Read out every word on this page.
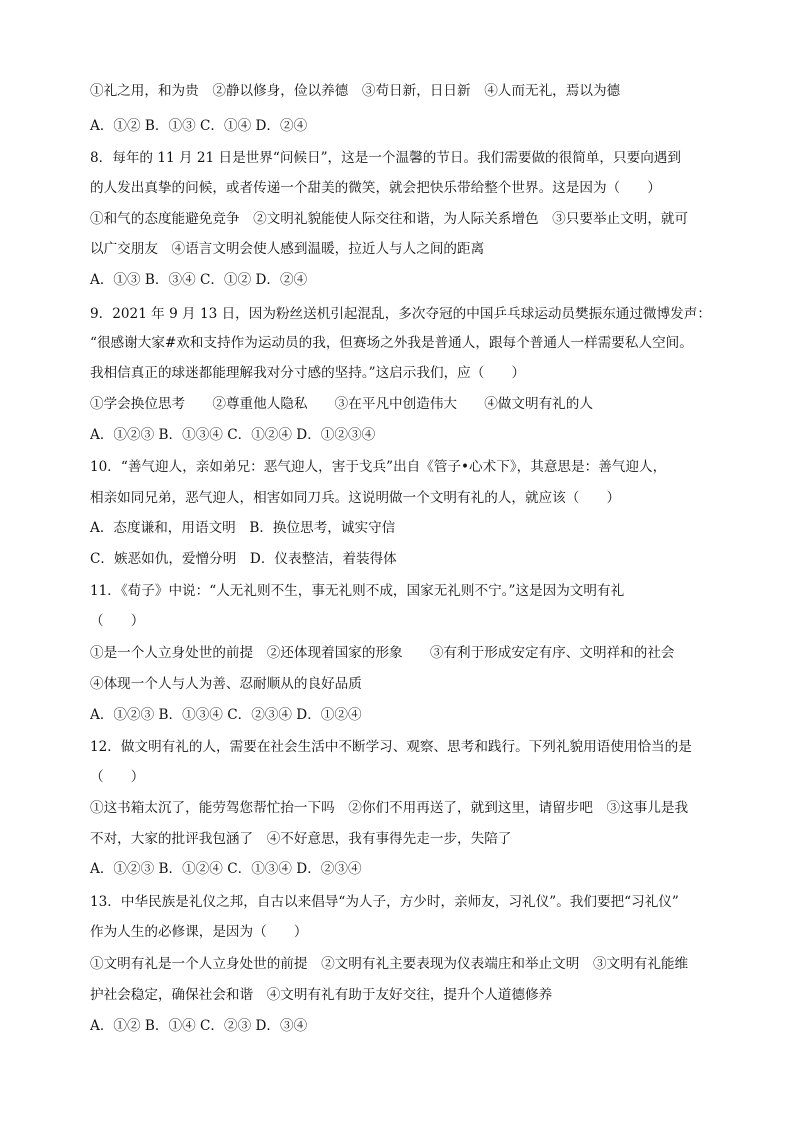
①礼之用，和为贵　②静以修身，俭以养德　③苟日新，日日新　④人而无礼，焉以为德
A．①② B．①③ C．①④ D．②④
8．每年的 11 月 21 日是世界“问候日”，这是一个温馨的节日。我们需要做的很简单，只要向遇到
的人发出真挚的问候，或者传递一个甜美的微笑，就会把快乐带给整个世界。这是因为（　　）
①和气的态度能避免竞争　②文明礼貌能使人际交往和谐，为人际关系增色　③只要举止文明，就可
以广交朋友　④语言文明会使人感到温暖，拉近人与人之间的距离
A．①③ B．③④ C．①② D．②④
9．2021 年 9 月 13 日，因为粉丝送机引起混乱，多次夺冠的中国乒乓球运动员樊振东通过微博发声：
“很感谢大家#欢和支持作为运动员的我，但赛场之外我是普通人，跟每个普通人一样需要私人空间。
我相信真正的球迷都能理解我对分寸感的坚持。”这启示我们，应（　　）
①学会换位思考　　②尊重他人隐私　　③在平凡中创造伟大　　④做文明有礼的人
A．①②③ B．①③④ C．①②④ D．①②③④
10．“善气迎人，亲如弟兄：恶气迎人，害于戈兵”出自《管子•心术下》，其意思是：善气迎人，
相亲如同兄弟，恶气迎人，相害如同刀兵。这说明做一个文明有礼的人，就应该（　　）
A．态度谦和，用语文明　B．换位思考，诚实守信
C．嫉恶如仇，爱憎分明　D．仪表整洁，着装得体
11．《荀子》中说：“人无礼则不生，事无礼则不成，国家无礼则不宁。”这是因为文明有礼
（　　）
①是一个人立身处世的前提　②还体现着国家的形象　　③有利于形成安定有序、文明祥和的社会
④体现一个人与人为善、忍耐顺从的良好品质
A．①②③ B．①③④ C．②③④ D．①②④
12．做文明有礼的人，需要在社会生活中不断学习、观察、思考和践行。下列礼貌用语使用恰当的是
（　　）
①这书箱太沉了，能劳驾您帮忙抬一下吗　②你们不用再送了，就到这里，请留步吧　③这事儿是我
不对，大家的批评我包涵了　④不好意思，我有事得先走一步，失陪了
A．①②③ B．①②④ C．①③④ D．②③④
13．中华民族是礼仪之邦，自古以来倡导“为人子，方少时，亲师友，习礼仪”。我们要把“习礼仪”
作为人生的必修课，是因为（　　）
①文明有礼是一个人立身处世的前提　②文明有礼主要表现为仪表端庄和举止文明　③文明有礼能维
护社会稳定，确保社会和谐　④文明有礼有助于友好交往，提升个人道德修养
A．①② B．①④ C．②③ D．③④
